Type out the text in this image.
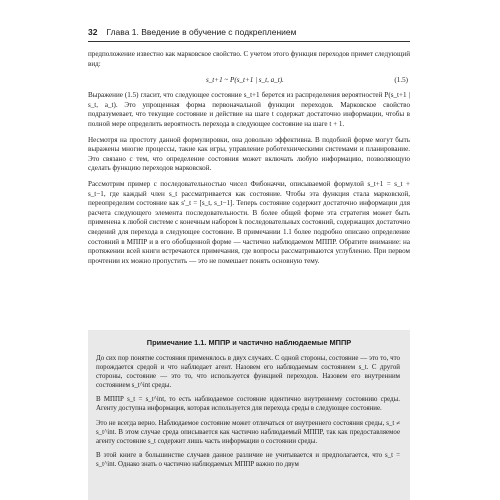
32 Глава 1. Введение в обучение с подкреплением

предположение известно как марковское свойство. С учетом этого функция переходов примет следующий вид:

s_t+1 ~ P(s_t+1 | s_t, a_t).	(1.5)

Выражение (1.5) гласит, что следующее состояние s_t+1 берется из распределения вероятностей P(s_t+1 | s_t, a_t). Это упрощенная форма первоначальной функции переходов. Марковское свойство подразумевает, что текущие состояние и действие на шаге t содержат достаточно информации, чтобы в полной мере определить вероятность перехода в следующее состояние на шаге t + 1.

Несмотря на простоту данной формулировки, она довольно эффективна. В подобной форме могут быть выражены многие процессы, такие как игры, управление роботехническими системами и планирование. Это связано с тем, что определение состояния может включать любую информацию, позволяющую сделать функцию переходов марковской.

Рассмотрим пример с последовательностью чисел Фибоначчи, описываемой формулой s_t+1 = s_t + s_t−1, где каждый член s_t рассматривается как состояние. Чтобы эта функция стала марковской, переопределим состояние как s′_t = [s_t, s_t−1]. Теперь состояние содержит достаточно информации для расчета следующего элемента последовательности. В более общей форме эта стратегия может быть применена к любой системе с конечным набором k последовательных состояний, содержащих достаточно сведений для перехода в следующее состояние. В примечании 1.1 более подробно описано определение состояний в МППР и в его обобщенной форме — частично наблюдаемом МППР. Обратите внимание: на протяжении всей книги встречаются примечания, где вопросы рассматриваются углубленно. При первом прочтении их можно пропустить — это не помешает понять основную тему.

Примечание 1.1. МППР и частично наблюдаемые МППР

До сих пор понятие состояния применялось в двух случаях. С одной стороны, состояние — это то, что порождается средой и что наблюдает агент. Назовем его наблюдаемым состоянием s_t. С другой стороны, состояние — это то, что используется функцией переходов. Назовем его внутренним состоянием s_t^int среды.

В МППР s_t = s_t^int, то есть наблюдаемое состояние идентично внутреннему состоянию среды. Агенту доступна информация, которая используется для перехода среды в следующее состояние.

Это не всегда верно. Наблюдаемое состояние может отличаться от внутреннего состояния среды, s_t ≠ s_t^int. В этом случае среда описывается как частично наблюдаемый МППР, так как предоставляемое агенту состояние s_t содержит лишь часть информации о состоянии среды.

В этой книге в большинстве случаев данное различие не учитывается и предполагается, что s_t = s_t^int. Однако знать о частично наблюдаемых МППР важно по двум
